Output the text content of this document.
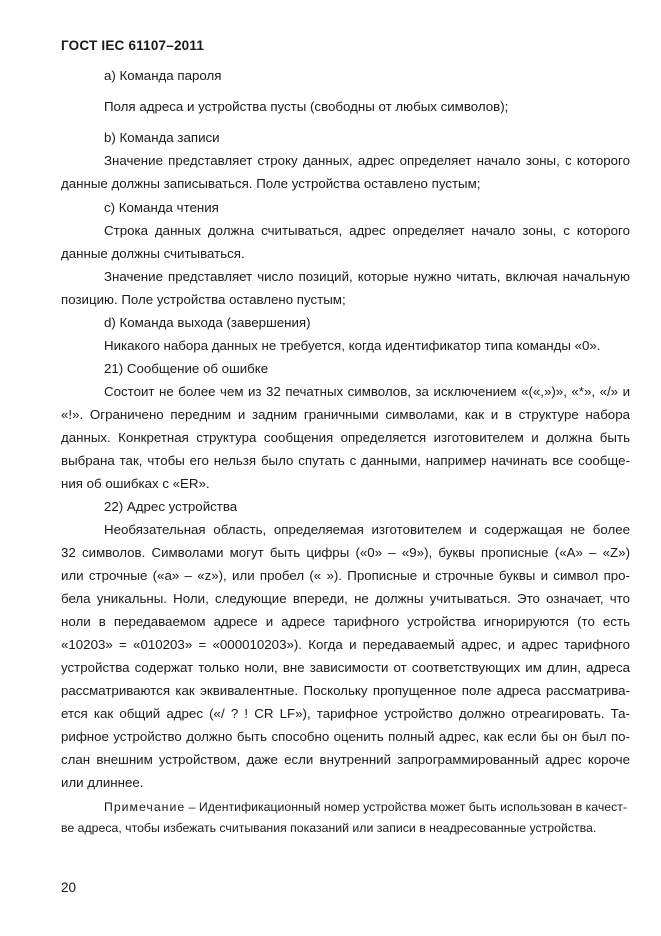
ГОСТ IEC 61107–2011
a) Команда пароля
Поля адреса и устройства пусты (свободны от любых символов);
b) Команда записи
Значение представляет строку данных, адрес определяет начало зоны, с которого
данные должны записываться. Поле устройства оставлено пустым;
c) Команда чтения
Строка данных должна считываться, адрес определяет начало зоны, с которого
данные должны считываться.
Значение представляет число позиций, которые нужно читать, включая начальную
позицию. Поле устройства оставлено пустым;
d) Команда выхода (завершения)
Никакого набора данных не требуется, когда идентификатор типа команды «0».
21) Сообщение об ошибке
Состоит не более чем из 32 печатных символов, за исключением «(«,»)», «*», «/» и
«!». Ограничено передним и задним граничными символами, как и в структуре набора
данных. Конкретная структура сообщения определяется изготовителем и должна быть
выбрана так, чтобы его нельзя было спутать с данными, например начинать все сообще-
ния об ошибках с «ER».
22) Адрес устройства
Необязательная область, определяемая изготовителем и содержащая не более
32 символов. Символами могут быть цифры («0» – «9»), буквы прописные («A» – «Z»)
или строчные («a» – «z»), или пробел (« »). Прописные и строчные буквы и символ про-
бела уникальны. Ноли, следующие впереди, не должны учитываться. Это означает, что
ноли в передаваемом адресе и адресе тарифного устройства игнорируются (то есть
«10203» = «010203» = «000010203»). Когда и передаваемый адрес, и адрес тарифного
устройства содержат только ноли, вне зависимости от соответствующих им длин, адреса
рассматриваются как эквивалентные. Поскольку пропущенное поле адреса рассматрива-
ется как общий адрес («/ ? ! CR LF»), тарифное устройство должно отреагировать. Та-
рифное устройство должно быть способно оценить полный адрес, как если бы он был по-
слан внешним устройством, даже если внутренний запрограммированный адрес короче
или длиннее.
Примечание – Идентификационный номер устройства может быть использован в качест-
ве адреса, чтобы избежать считывания показаний или записи в неадресованные устройства.
20
